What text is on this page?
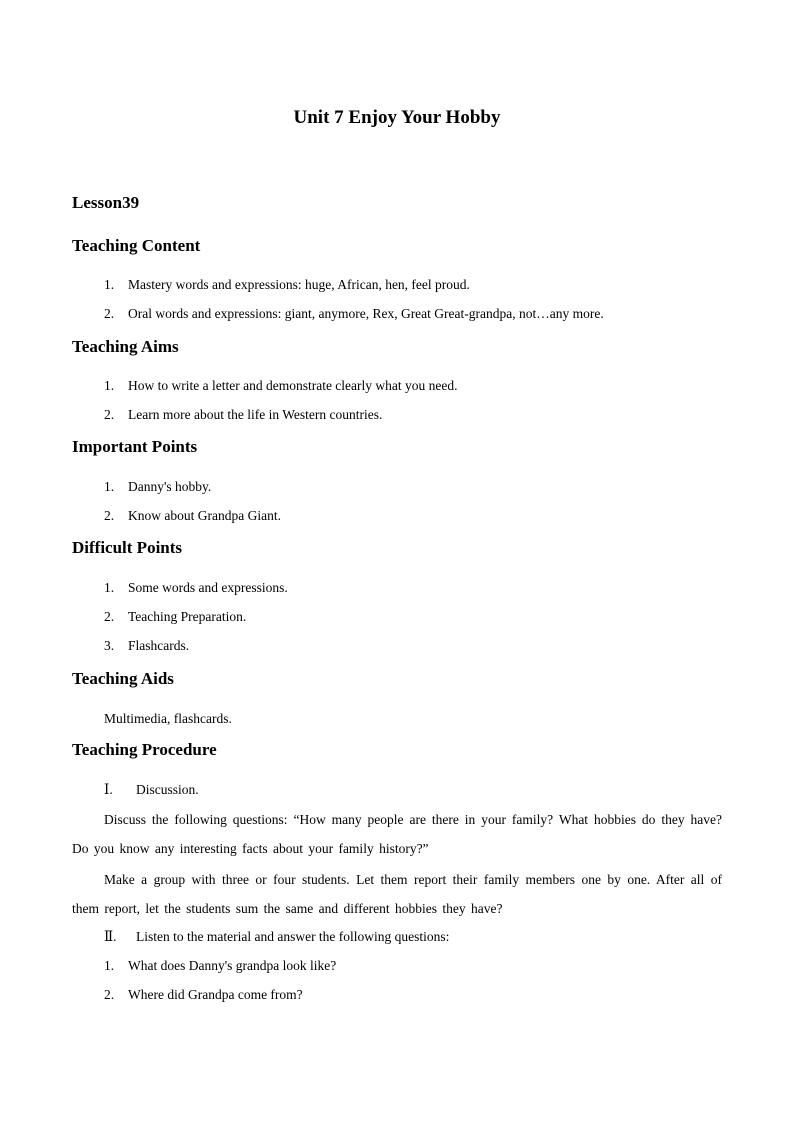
Unit 7 Enjoy Your Hobby
Lesson39
Teaching Content

1. Mastery words and expressions: huge, African, hen, feel proud.

2. Oral words and expressions: giant, anymore, Rex, Great Great-grandpa, not…any more.

Teaching Aims

1. How to write a letter and demonstrate clearly what you need.

2. Learn more about the life in Western countries.

Important Points

1. Danny's hobby.

2. Know about Grandpa Giant.

Difficult Points

1. Some words and expressions.

2. Teaching Preparation.

3. Flashcards.

Teaching Aids

Multimedia, flashcards.

Teaching Procedure

Ⅰ. Discussion.

Discuss the following questions: “How many people are there in your family? What hobbies do they have? Do you know any interesting facts about your family history?”

Make a group with three or four students. Let them report their family members one by one. After all of them report, let the students sum the same and different hobbies they have?

Ⅱ. Listen to the material and answer the following questions:

1. What does Danny's grandpa look like?

2. Where did Grandpa come from?
